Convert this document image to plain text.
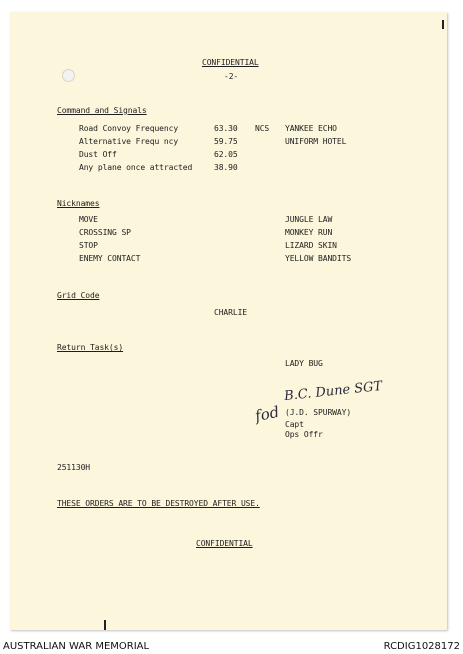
CONFIDENTIAL
-2-
Command and Signals
Road Convoy Frequency	63.30 NCS YANKEE ECHO
Alternative Frequ ncy	59.75	UNIFORM HOTEL
Dust Off	62.05
Any plane once attracted	38.90
Nicknames
MOVE	JUNGLE LAW
CROSSING SP	MONKEY RUN
STOP	LIZARD SKIN
ENEMY CONTACT	YELLOW BANDITS
Grid Code
CHARLIE
Return Task(s)
LADY BUG
B.C. Dune SGT
fod (J.D. SPURWAY)
Capt
Ops Offr
251130H
THESE ORDERS ARE TO BE DESTROYED AFTER USE.
CONFIDENTIAL
AUSTRALIAN WAR MEMORIAL	RCDIG1028172
